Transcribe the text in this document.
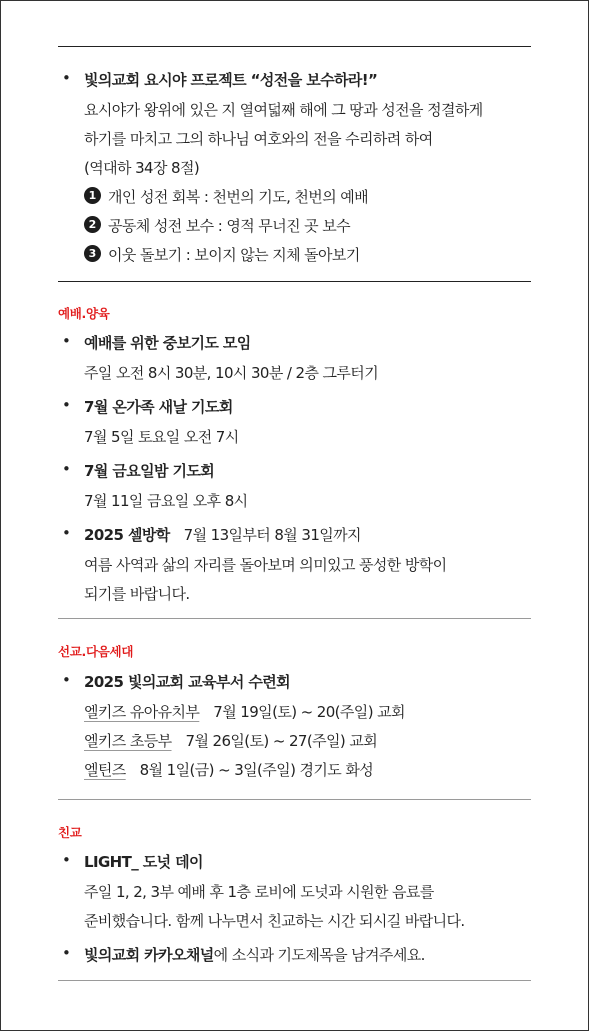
• 빛의교회 요시야 프로젝트 “성전을 보수하라!”
요시야가 왕위에 있은 지 열여덟째 해에 그 땅과 성전을 정결하게
하기를 마치고 그의 하나님 여호와의 전을 수리하려 하여
(역대하 34장 8절)
1 개인 성전 회복 : 천번의 기도, 천번의 예배
2 공동체 성전 보수 : 영적 무너진 곳 보수
3 이웃 돌보기 : 보이지 않는 지체 돌아보기
예배.양육
• 예배를 위한 중보기도 모임
주일 오전 8시 30분, 10시 30분 / 2층 그루터기
• 7월 온가족 새날 기도회
7월 5일 토요일 오전 7시
• 7월 금요일밤 기도회
7월 11일 금요일 오후 8시
• 2025 셀방학 7월 13일부터 8월 31일까지
여름 사역과 삶의 자리를 돌아보며 의미있고 풍성한 방학이
되기를 바랍니다.
선교.다음세대
• 2025 빛의교회 교육부서 수련회
엘키즈 유아유치부 7월 19일(토) ~ 20(주일) 교회
엘키즈 초등부 7월 26일(토) ~ 27(주일) 교회
엘틴즈 8월 1일(금) ~ 3일(주일) 경기도 화성
친교
• LIGHT_ 도넛 데이
주일 1, 2, 3부 예배 후 1층 로비에 도넛과 시원한 음료를
준비했습니다. 함께 나누면서 친교하는 시간 되시길 바랍니다.
• 빛의교회 카카오채널에 소식과 기도제목을 남겨주세요.
